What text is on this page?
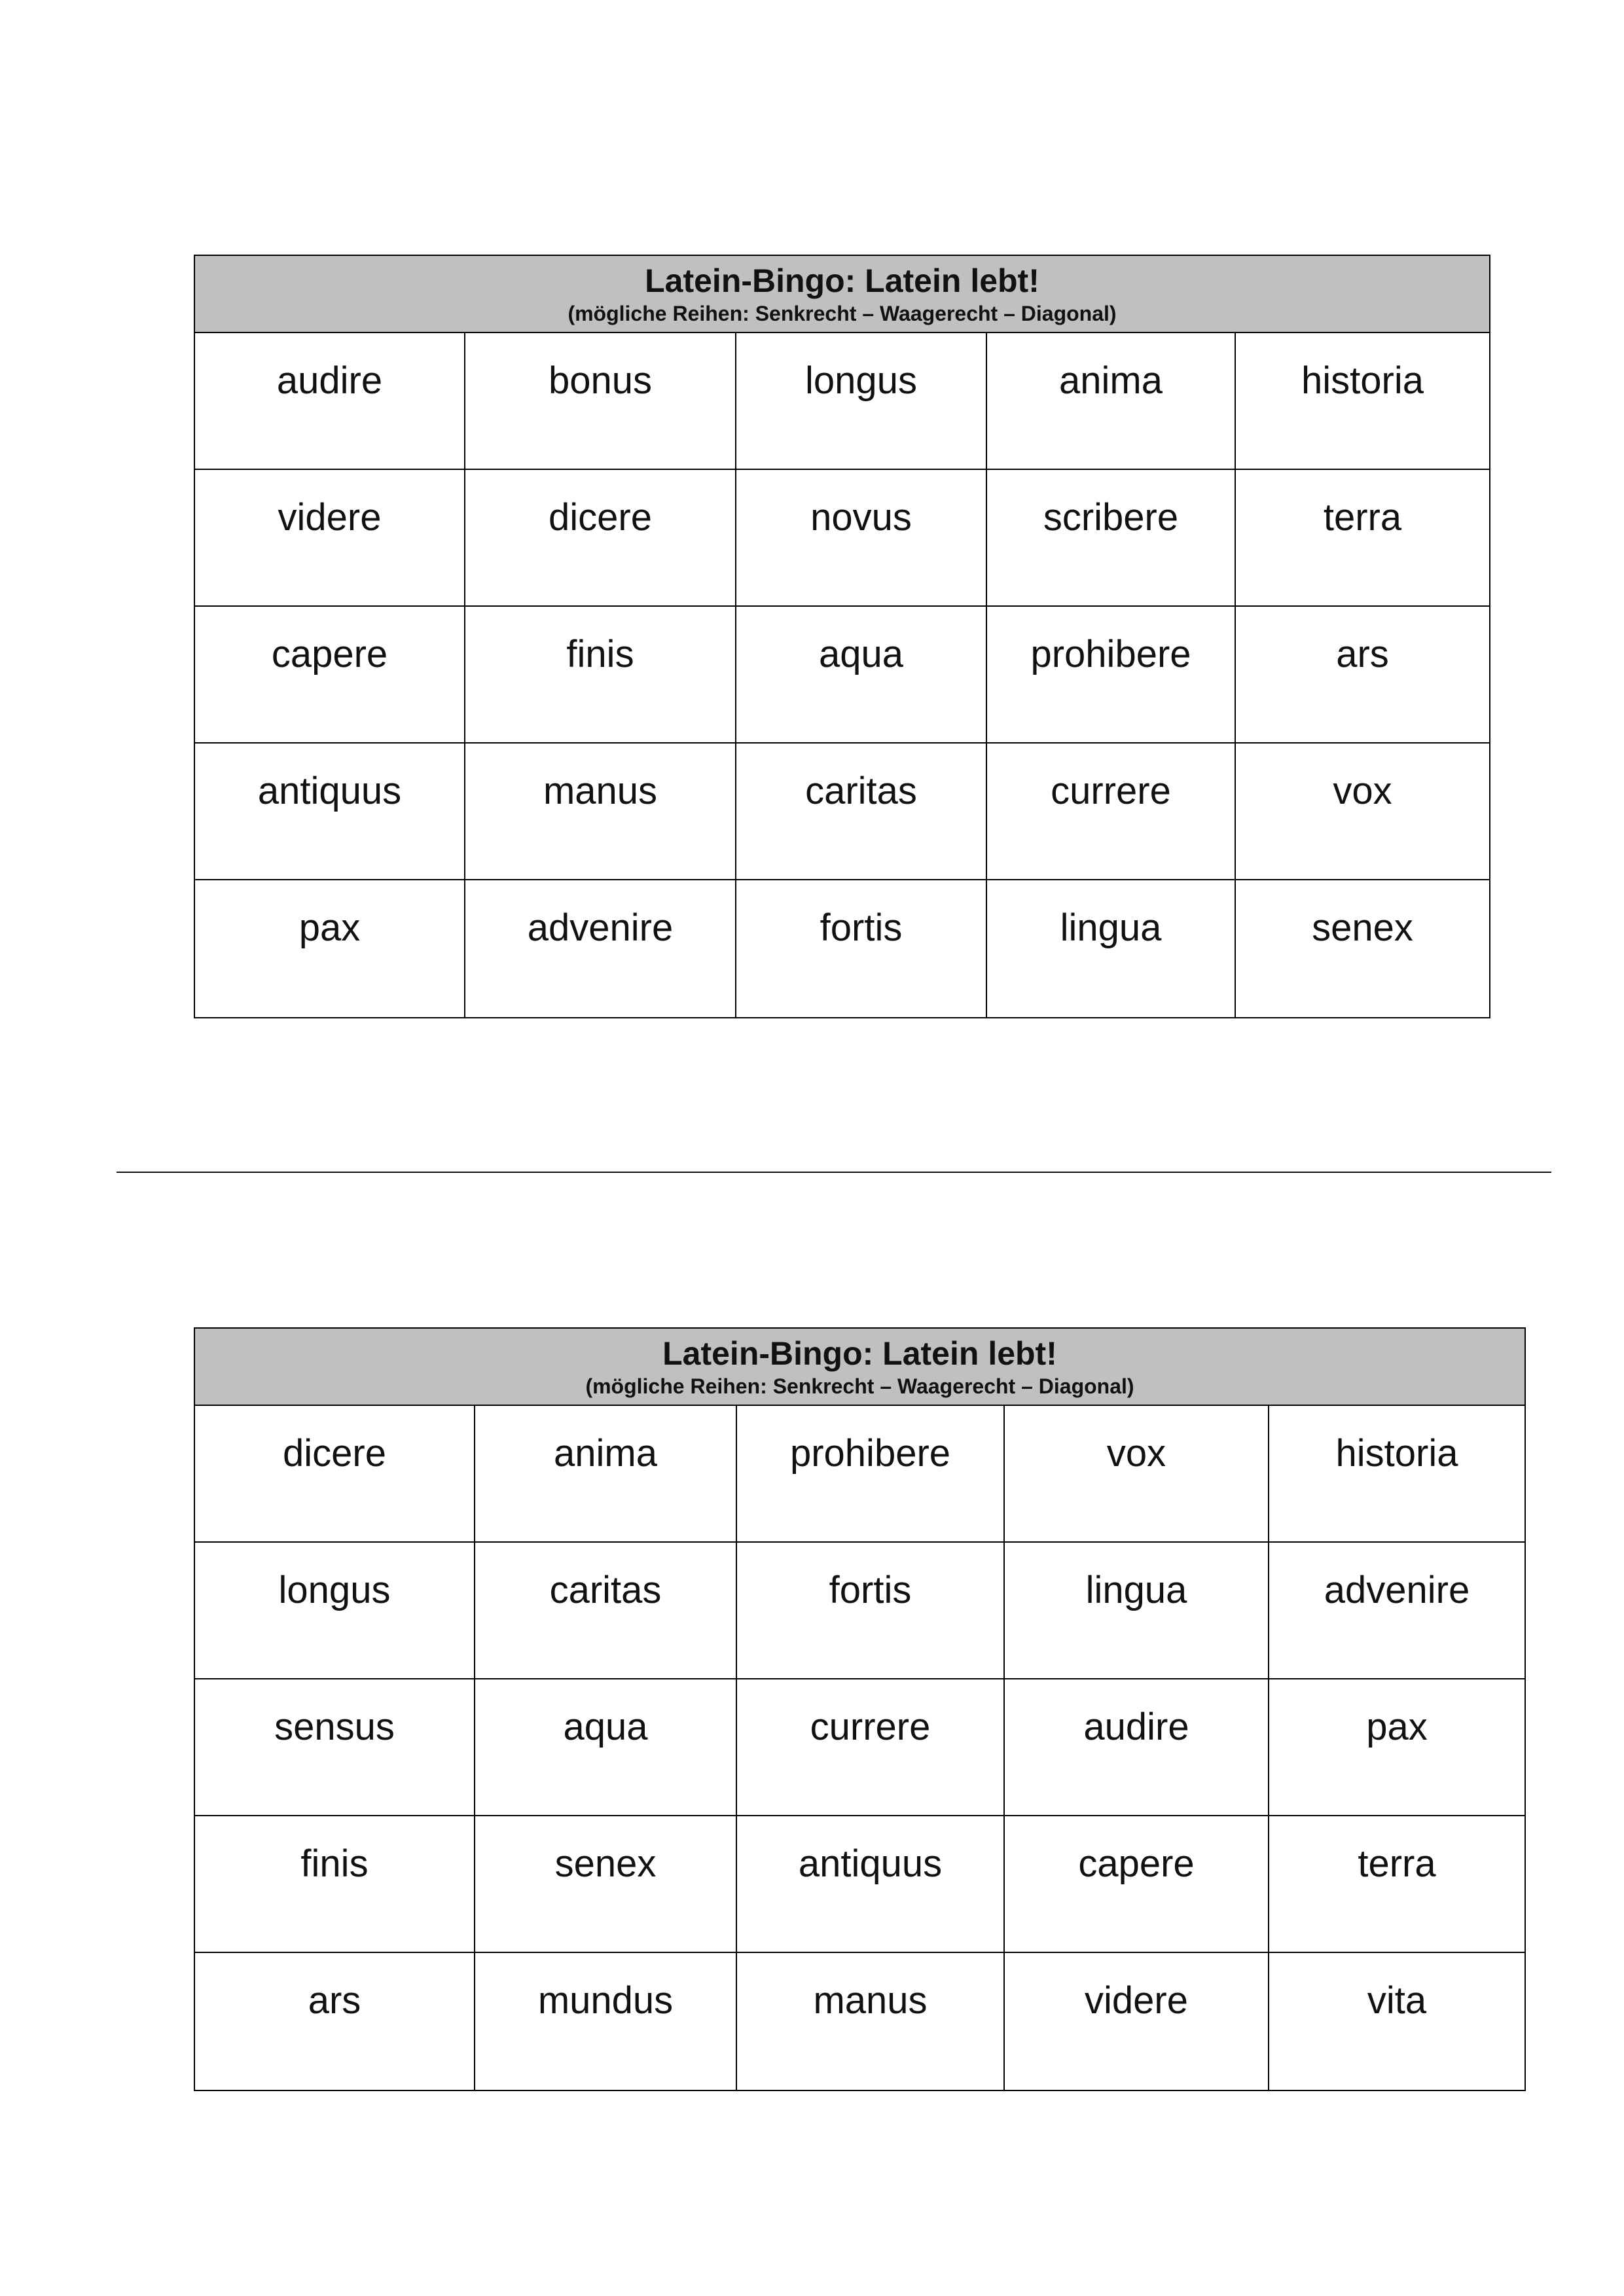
Latein-Bingo: Latein lebt!
(mögliche Reihen: Senkrecht – Waagerecht – Diagonal)
audire	bonus	longus	anima	historia
videre	dicere	novus	scribere	terra
capere	finis	aqua	prohibere	ars
antiquus	manus	caritas	currere	vox
pax	advenire	fortis	lingua	senex
Latein-Bingo: Latein lebt!
(mögliche Reihen: Senkrecht – Waagerecht – Diagonal)
dicere	anima	prohibere	vox	historia
longus	caritas	fortis	lingua	advenire
sensus	aqua	currere	audire	pax
finis	senex	antiquus	capere	terra
ars	mundus	manus	videre	vita
